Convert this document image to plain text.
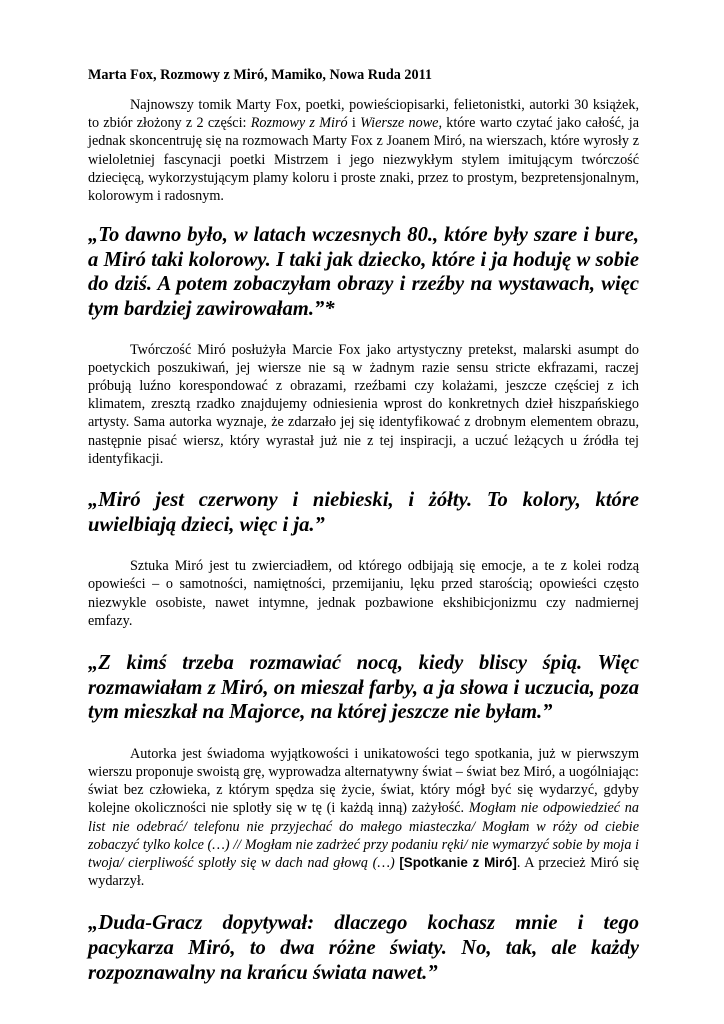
Marta Fox, Rozmowy z Miró, Mamiko, Nowa Ruda 2011

Najnowszy tomik Marty Fox, poetki, powieściopisarki, felietonistki, autorki 30 książek, to zbiór złożony z 2 części: Rozmowy z Miró i Wiersze nowe, które warto czytać jako całość, ja jednak skoncentruję się na rozmowach Marty Fox z Joanem Miró, na wierszach, które wyrosły z wieloletniej fascynacji poetki Mistrzem i jego niezwykłym stylem imitującym twórczość dziecięcą, wykorzystującym plamy koloru i proste znaki, przez to prostym, bezpretensjonalnym, kolorowym i radosnym.

„To dawno było, w latach wczesnych 80., które były szare i bure, a Miró taki kolorowy. I taki jak dziecko, które i ja hoduję w sobie do dziś. A potem zobaczyłam obrazy i rzeźby na wystawach, więc tym bardziej zawirowałam.”*

Twórczość Miró posłużyła Marcie Fox jako artystyczny pretekst, malarski asumpt do poetyckich poszukiwań, jej wiersze nie są w żadnym razie sensu stricte ekfrazami, raczej próbują luźno korespondować z obrazami, rzeźbami czy kolażami, jeszcze częściej z ich klimatem, zresztą rzadko znajdujemy odniesienia wprost do konkretnych dzieł hiszpańskiego artysty. Sama autorka wyznaje, że zdarzało jej się identyfikować z drobnym elementem obrazu, następnie pisać wiersz, który wyrastał już nie z tej inspiracji, a uczuć leżących u źródła tej identyfikacji.

„Miró jest czerwony i niebieski, i żółty. To kolory, które uwielbiają dzieci, więc i ja.”

Sztuka Miró jest tu zwierciadłem, od którego odbijają się emocje, a te z kolei rodzą opowieści – o samotności, namiętności, przemijaniu, lęku przed starością; opowieści często niezwykle osobiste, nawet intymne, jednak pozbawione ekshibicjonizmu czy nadmiernej emfazy.

„Z kimś trzeba rozmawiać nocą, kiedy bliscy śpią. Więc rozmawiałam z Miró, on mieszał farby, a ja słowa i uczucia, poza tym mieszkał na Majorce, na której jeszcze nie byłam.”

Autorka jest świadoma wyjątkowości i unikatowości tego spotkania, już w pierwszym wierszu proponuje swoistą grę, wyprowadza alternatywny świat – świat bez Miró, a uogólniając: świat bez człowieka, z którym spędza się życie, świat, który mógł być się wydarzyć, gdyby kolejne okoliczności nie splotły się w tę (i każdą inną) zażyłość. Mogłam nie odpowiedzieć na list nie odebrać/ telefonu nie przyjechać do małego miasteczka/ Mogłam w róży od ciebie zobaczyć tylko kolce (…) // Mogłam nie zadrżeć przy podaniu ręki/ nie wymarzyć sobie by moja i twoja/ cierpliwość splotły się w dach nad głową (…) [Spotkanie z Miró]. A przecież Miró się wydarzył.

„Duda-Gracz dopytywał: dlaczego kochasz mnie i tego pacykarza Miró, to dwa różne światy. No, tak, ale każdy rozpoznawalny na krańcu świata nawet.”
